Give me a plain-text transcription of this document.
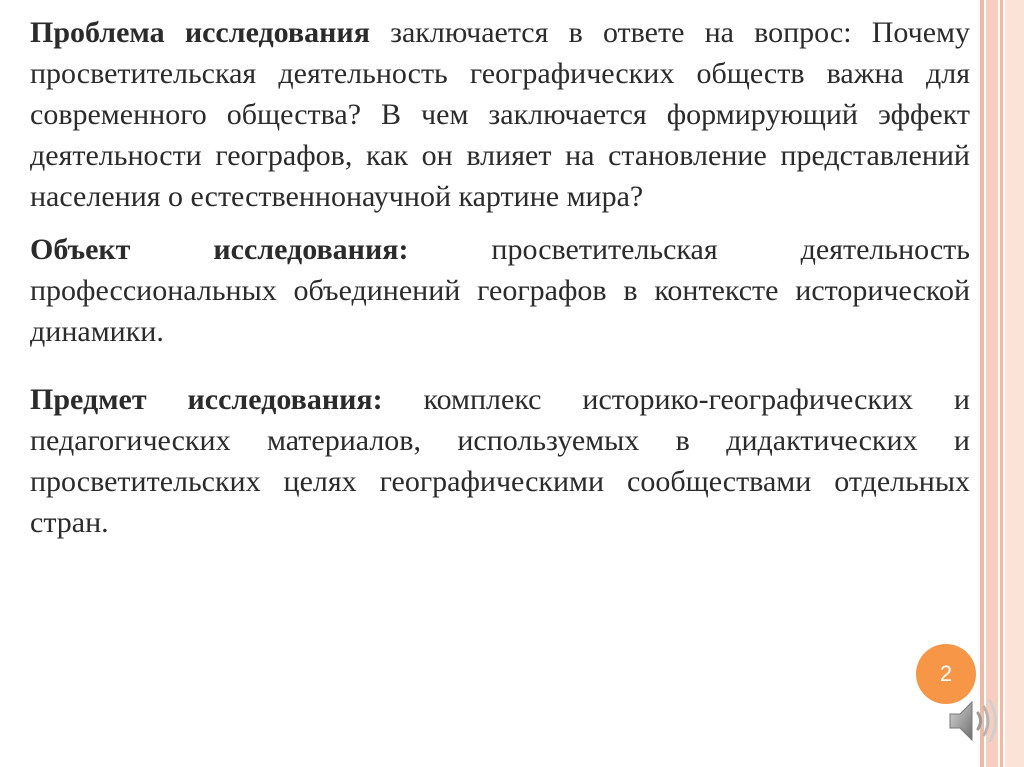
Проблема исследования заключается в ответе на вопрос: Почему просветительская деятельность географических обществ важна для современного общества? В чем заключается формирующий эффект деятельности географов, как он влияет на становление представлений населения о естественнонаучной картине мира?

Объект исследования: просветительская деятельность профессиональных объединений географов в контексте исторической динамики.

Предмет исследования: комплекс историко-географических и педагогических материалов, используемых в дидактических и просветительских целях географическими сообществами отдельных стран.

2
